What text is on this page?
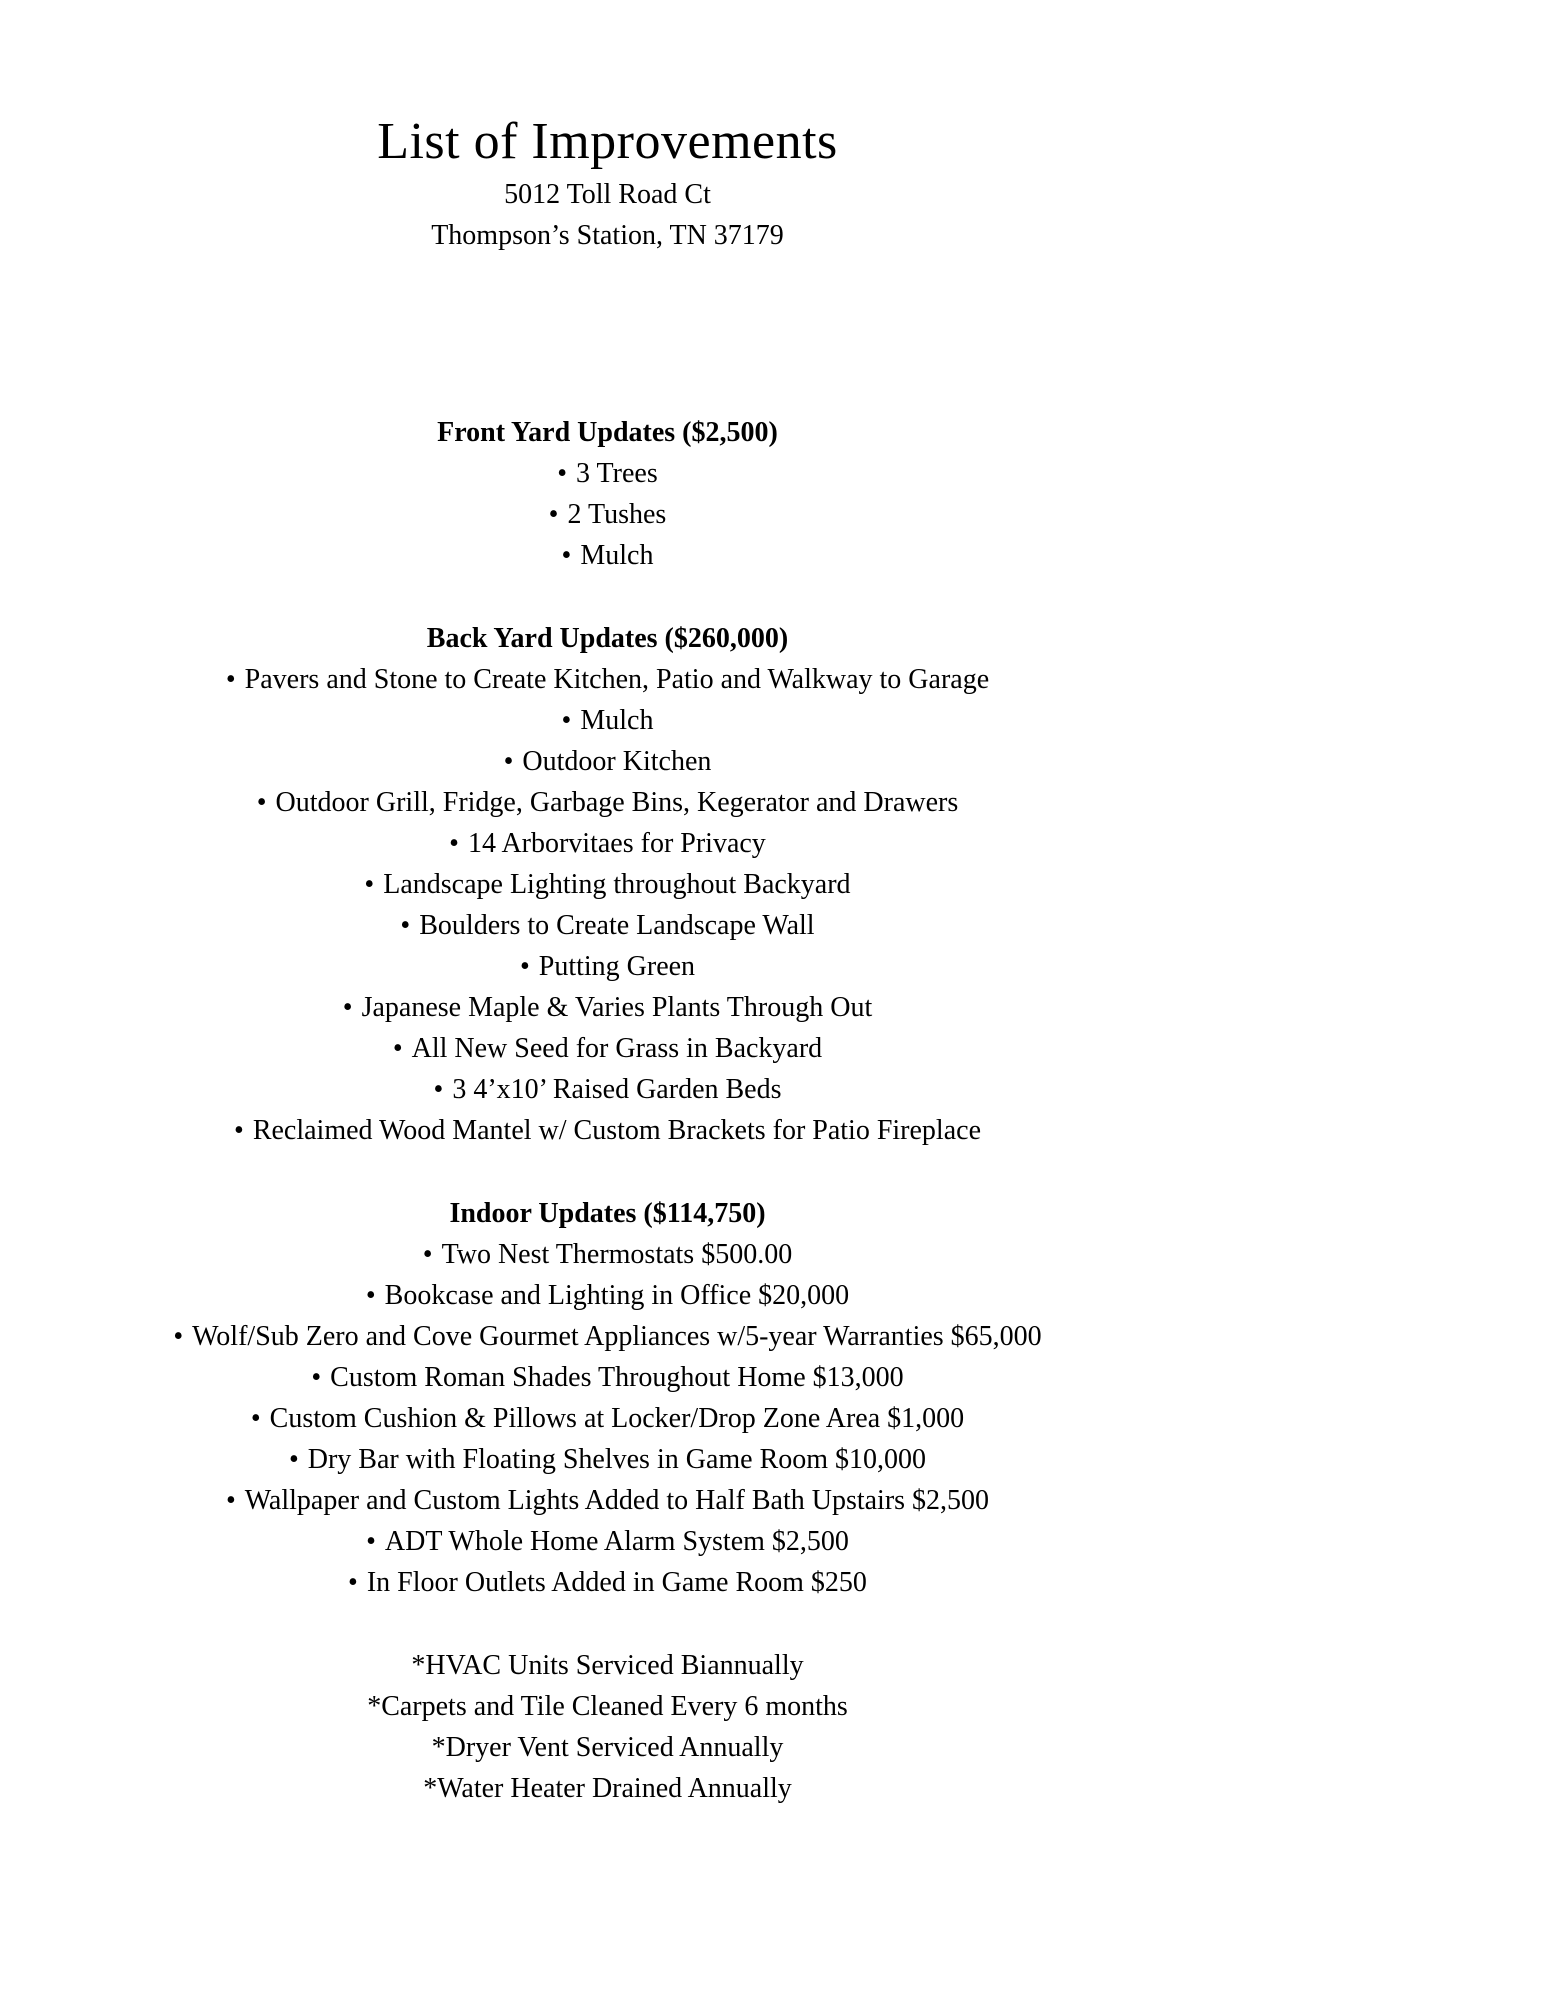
List of Improvements
5012 Toll Road Ct
Thompson’s Station, TN 37179
Front Yard Updates ($2,500)
• 3 Trees
• 2 Tushes
• Mulch
Back Yard Updates ($260,000)
• Pavers and Stone to Create Kitchen, Patio and Walkway to Garage
• Mulch
• Outdoor Kitchen
• Outdoor Grill, Fridge, Garbage Bins, Kegerator and Drawers
• 14 Arborvitaes for Privacy
• Landscape Lighting throughout Backyard
• Boulders to Create Landscape Wall
• Putting Green
• Japanese Maple & Varies Plants Through Out
• All New Seed for Grass in Backyard
• 3 4’x10’ Raised Garden Beds
• Reclaimed Wood Mantel w/ Custom Brackets for Patio Fireplace
Indoor Updates ($114,750)
• Two Nest Thermostats $500.00
• Bookcase and Lighting in Office $20,000
• Wolf/Sub Zero and Cove Gourmet Appliances w/5-year Warranties $65,000
• Custom Roman Shades Throughout Home $13,000
• Custom Cushion & Pillows at Locker/Drop Zone Area $1,000
• Dry Bar with Floating Shelves in Game Room $10,000
• Wallpaper and Custom Lights Added to Half Bath Upstairs $2,500
• ADT Whole Home Alarm System $2,500
• In Floor Outlets Added in Game Room $250
*HVAC Units Serviced Biannually
*Carpets and Tile Cleaned Every 6 months
*Dryer Vent Serviced Annually
*Water Heater Drained Annually
